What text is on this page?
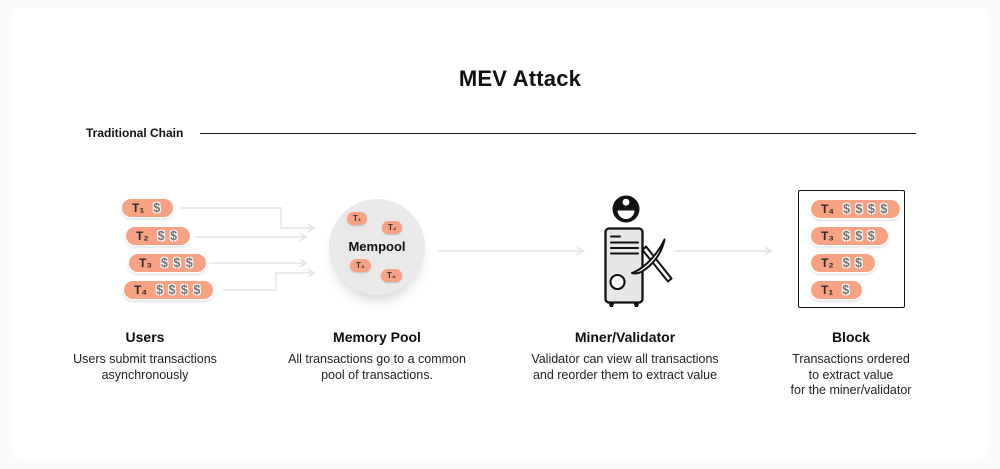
MEV Attack
Traditional Chain
T₁ $
T₂ $ $
T₃ $ $ $
T₄ $ $ $ $
T₁
T₂
T₃
T₄
Mempool
T₄ $ $ $ $
T₃ $ $ $
T₂ $ $
T₁ $
Users
Users submit transactions
asynchronously
Memory Pool
All transactions go to a common
pool of transactions.
Miner/Validator
Validator can view all transactions
and reorder them to extract value
Block
Transactions ordered
to extract value
for the miner/validator
